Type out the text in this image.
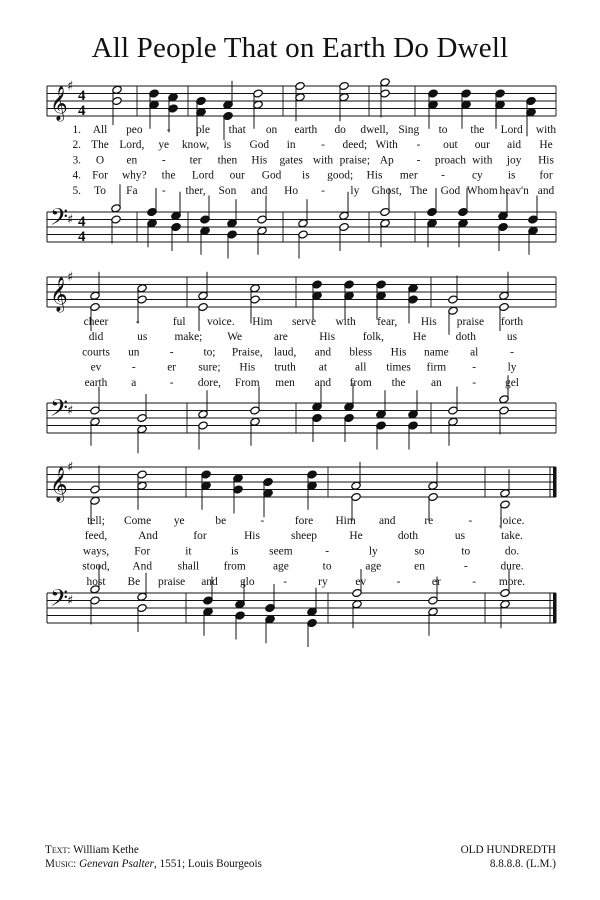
All People That on Earth Do Dwell
𝄞 ♯
4
4
𝄢
♯ 4
4
𝄞 ♯
𝄢
♯
𝄞 ♯
𝄢
♯
1. All peo - ple that on earth do dwell, Sing to the Lord with
2. The Lord, ye know, is God in - deed; With - out our aid He
3. O en - ter then His gates with praise; Ap - proach with joy His
4. For why? the Lord our God is good; His mer - cy is for
5. To Fa - ther, Son and Ho - ly Ghost, The God Whom heav'n and
cheer -	ful voice. Him serve with fear, His praise forth
did	us make; We	are	His folk,	He	doth	us
courts un	-	to; Praise, laud, and bless His name al	-
ev	-	er sure; His truth at all times firm -	ly
earth a	- dore, From men and from the an	-	gel
tell; Come ye	be	-	fore Him and	re	- joice.
feed,	And	for	His	sheep	He	doth	us	take.
ways, For	it	is	seem	-	ly	so	to	do.
stood, And shall from age	to	age	en	-	dure.
host Be praise and glo	-	ry ev	-	er	- more.
Text: William Kethe
Music: Genevan Psalter, 1551; Louis Bourgeois
OLD HUNDREDTH
8.8.8.8. (L.M.)
